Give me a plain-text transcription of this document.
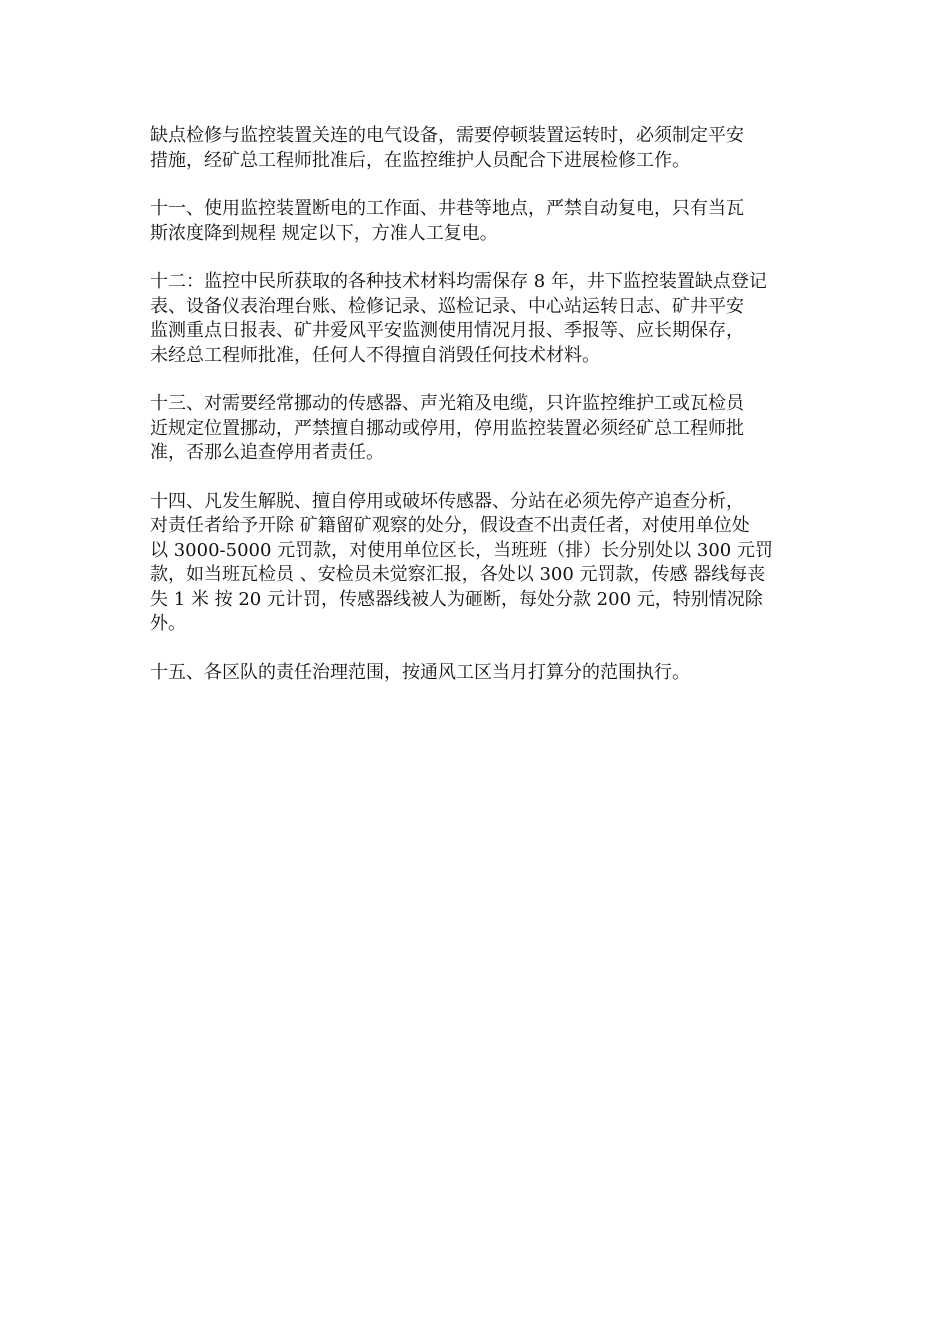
缺点检修与监控装置关连的电气设备，需要停顿装置运转时，必须制定平安
措施，经矿总工程师批准后，在监控维护人员配合下进展检修工作。

十一、使用监控装置断电的工作面、井巷等地点，严禁自动复电，只有当瓦
斯浓度降到规程 规定以下，方准人工复电。

十二：监控中民所获取的各种技术材料均需保存 8 年，井下监控装置缺点登记
表、设备仪表治理台账、检修记录、巡检记录、中心站运转日志、矿井平安
监测重点日报表、矿井爱风平安监测使用情况月报、季报等、应长期保存，
未经总工程师批准，任何人不得擅自消毁任何技术材料。

十三、对需要经常挪动的传感器、声光箱及电缆，只许监控维护工或瓦检员
近规定位置挪动，严禁擅自挪动或停用，停用监控装置必须经矿总工程师批
准，否那么追查停用者责任。

十四、凡发生解脱、擅自停用或破坏传感器、分站在必须先停产追查分析，
对责任者给予开除 矿籍留矿观察的处分，假设查不出责任者，对使用单位处
以 3000-5000 元罚款，对使用单位区长，当班班（排）长分别处以 300 元罚
款，如当班瓦检员 、安检员未觉察汇报，各处以 300 元罚款，传感 器线每丧
失 1 米 按 20 元计罚，传感器线被人为砸断，每处分款 200 元，特别情况除
外。

十五、各区队的责任治理范围，按通风工区当月打算分的范围执行。
